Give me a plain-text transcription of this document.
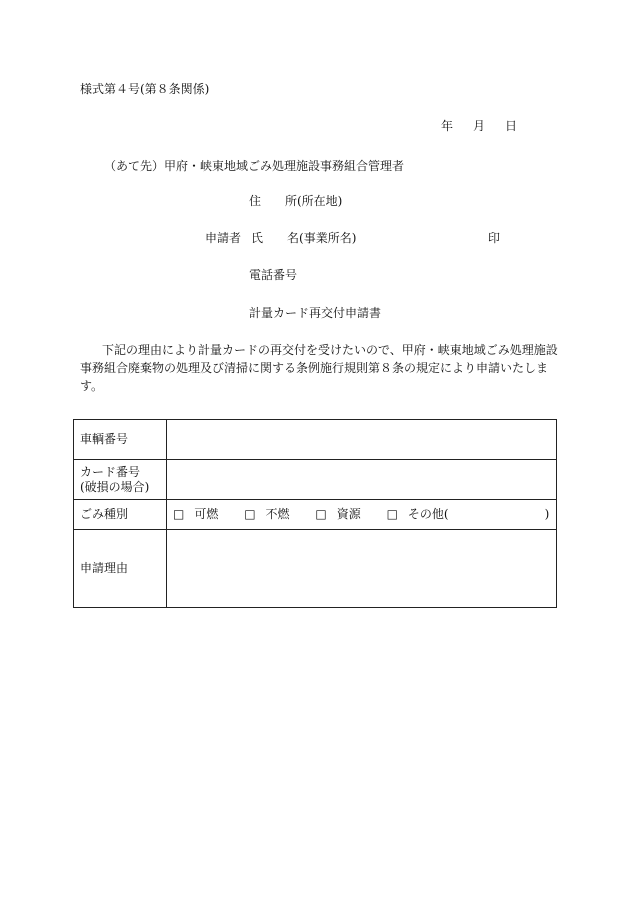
様式第４号(第８条関係)
年 月 日
（あて先）甲府・峡東地域ごみ処理施設事務組合管理者
住　　所(所在地)
申請者 氏　　名(事業所名)	印
電話番号
計量カード再交付申請書
下記の理由により計量カードの再交付を受けたいので、甲府・峡東地域ごみ処理施設事務組合廃棄物の処理及び清掃に関する条例施行規則第８条の規定により申請いたします。
車輌番号	

カード番号
(破損の場合)	

ごみ種別	□ 可燃 □ 不燃 □ 資源 □ その他( )

申請理由	
